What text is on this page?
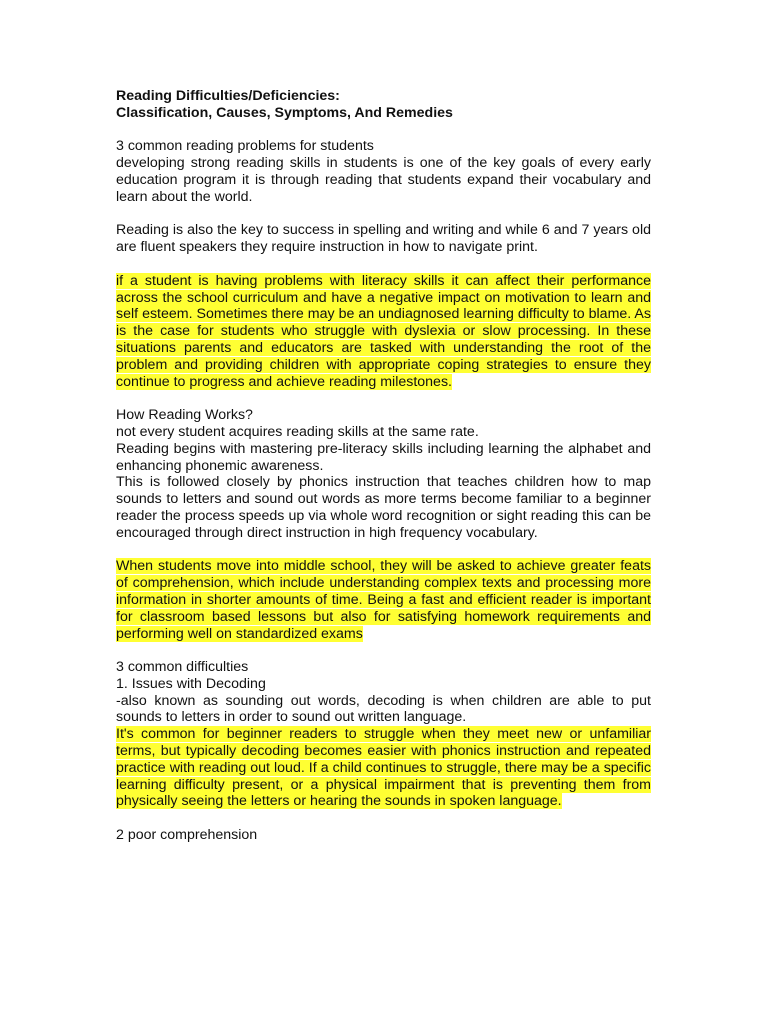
Reading Difficulties/Deficiencies:

Classification, Causes, Symptoms, And Remedies

3 common reading problems for students

developing strong reading skills in students is one of the key goals of every early education program it is through reading that students expand their vocabulary and learn about the world.

Reading is also the key to success in spelling and writing and while 6 and 7 years old are fluent speakers they require instruction in how to navigate print.

if a student is having problems with literacy skills it can affect their performance across the school curriculum and have a negative impact on motivation to learn and self esteem. Sometimes there may be an undiagnosed learning difficulty to blame. As is the case for students who struggle with dyslexia or slow processing. In these situations parents and educators are tasked with understanding the root of the problem and providing children with appropriate coping strategies to ensure they continue to progress and achieve reading milestones.

How Reading Works?

not every student acquires reading skills at the same rate.

Reading begins with mastering pre-literacy skills including learning the alphabet and enhancing phonemic awareness.

This is followed closely by phonics instruction that teaches children how to map sounds to letters and sound out words as more terms become familiar to a beginner reader the process speeds up via whole word recognition or sight reading this can be encouraged through direct instruction in high frequency vocabulary.

When students move into middle school, they will be asked to achieve greater feats of comprehension, which include understanding complex texts and processing more information in shorter amounts of time. Being a fast and efficient reader is important for classroom based lessons but also for satisfying homework requirements and performing well on standardized exams

3 common difficulties

1. Issues with Decoding

-also known as sounding out words, decoding is when children are able to put sounds to letters in order to sound out written language.

It's common for beginner readers to struggle when they meet new or unfamiliar terms, but typically decoding becomes easier with phonics instruction and repeated practice with reading out loud. If a child continues to struggle, there may be a specific learning difficulty present, or a physical impairment that is preventing them from physically seeing the letters or hearing the sounds in spoken language.

2 poor comprehension
